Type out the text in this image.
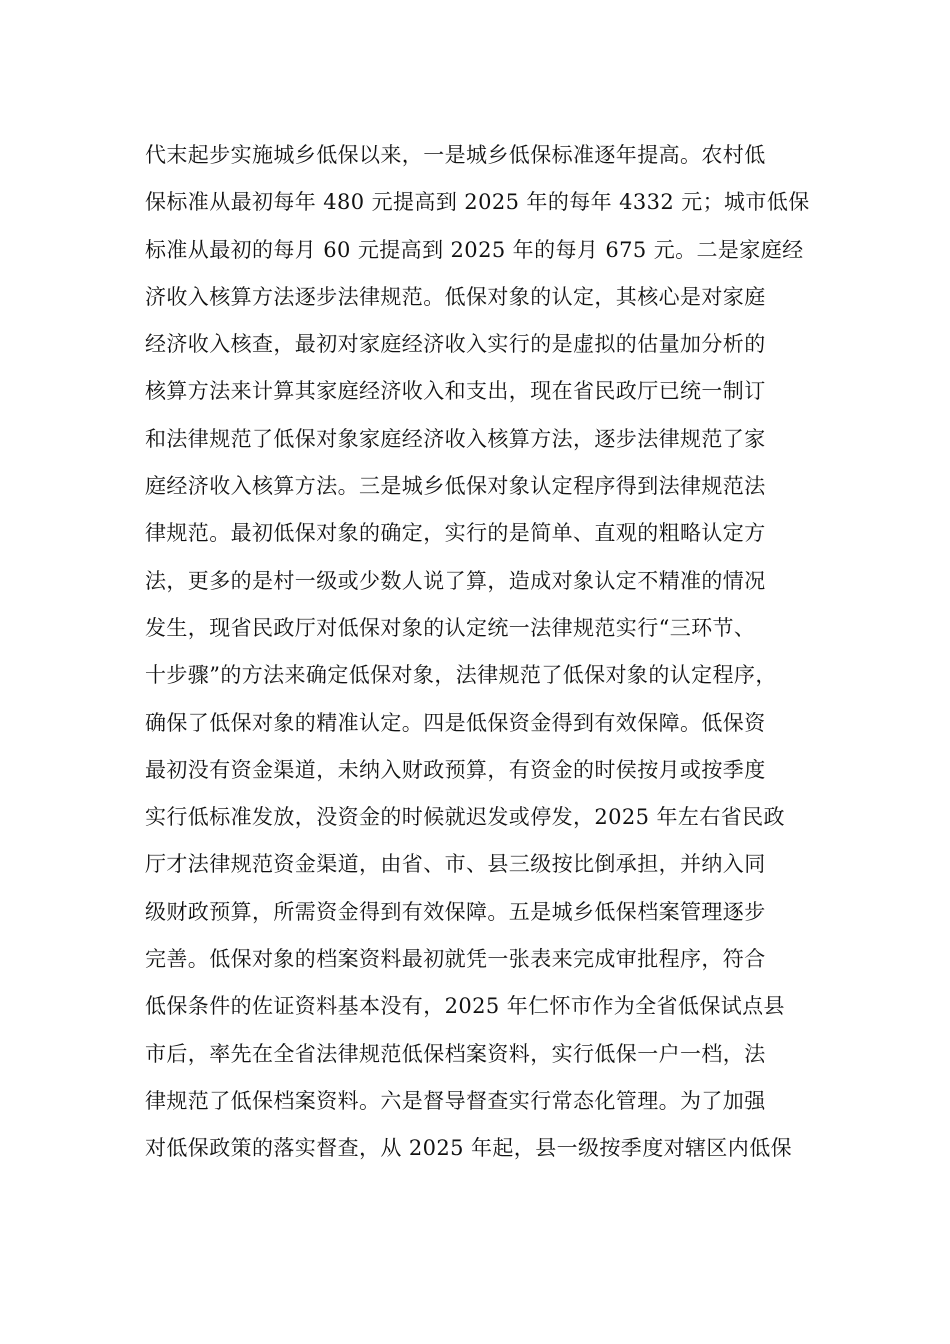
代末起步实施城乡低保以来，一是城乡低保标准逐年提高。农村低
保标准从最初每年 480 元提高到 2025 年的每年 4332 元；城市低保
标准从最初的每月 60 元提高到 2025 年的每月 675 元。二是家庭经
济收入核算方法逐步法律规范。低保对象的认定，其核心是对家庭
经济收入核查，最初对家庭经济收入实行的是虚拟的估量加分析的
核算方法来计算其家庭经济收入和支出，现在省民政厅已统一制订
和法律规范了低保对象家庭经济收入核算方法，逐步法律规范了家
庭经济收入核算方法。三是城乡低保对象认定程序得到法律规范法
律规范。最初低保对象的确定，实行的是简单、直观的粗略认定方
法，更多的是村一级或少数人说了算，造成对象认定不精准的情况
发生，现省民政厅对低保对象的认定统一法律规范实行“三环节、
十步骤”的方法来确定低保对象，法律规范了低保对象的认定程序，
确保了低保对象的精准认定。四是低保资金得到有效保障。低保资
最初没有资金渠道，未纳入财政预算，有资金的时侯按月或按季度
实行低标准发放，没资金的时候就迟发或停发，2025 年左右省民政
厅才法律规范资金渠道，由省、市、县三级按比倒承担，并纳入同
级财政预算，所需资金得到有效保障。五是城乡低保档案管理逐步
完善。低保对象的档案资料最初就凭一张表来完成审批程序，符合
低保条件的佐证资料基本没有，2025 年仁怀市作为全省低保试点县
市后，率先在全省法律规范低保档案资料，实行低保一户一档，法
律规范了低保档案资料。六是督导督查实行常态化管理。为了加强
对低保政策的落实督查，从 2025 年起，县一级按季度对辖区内低保
